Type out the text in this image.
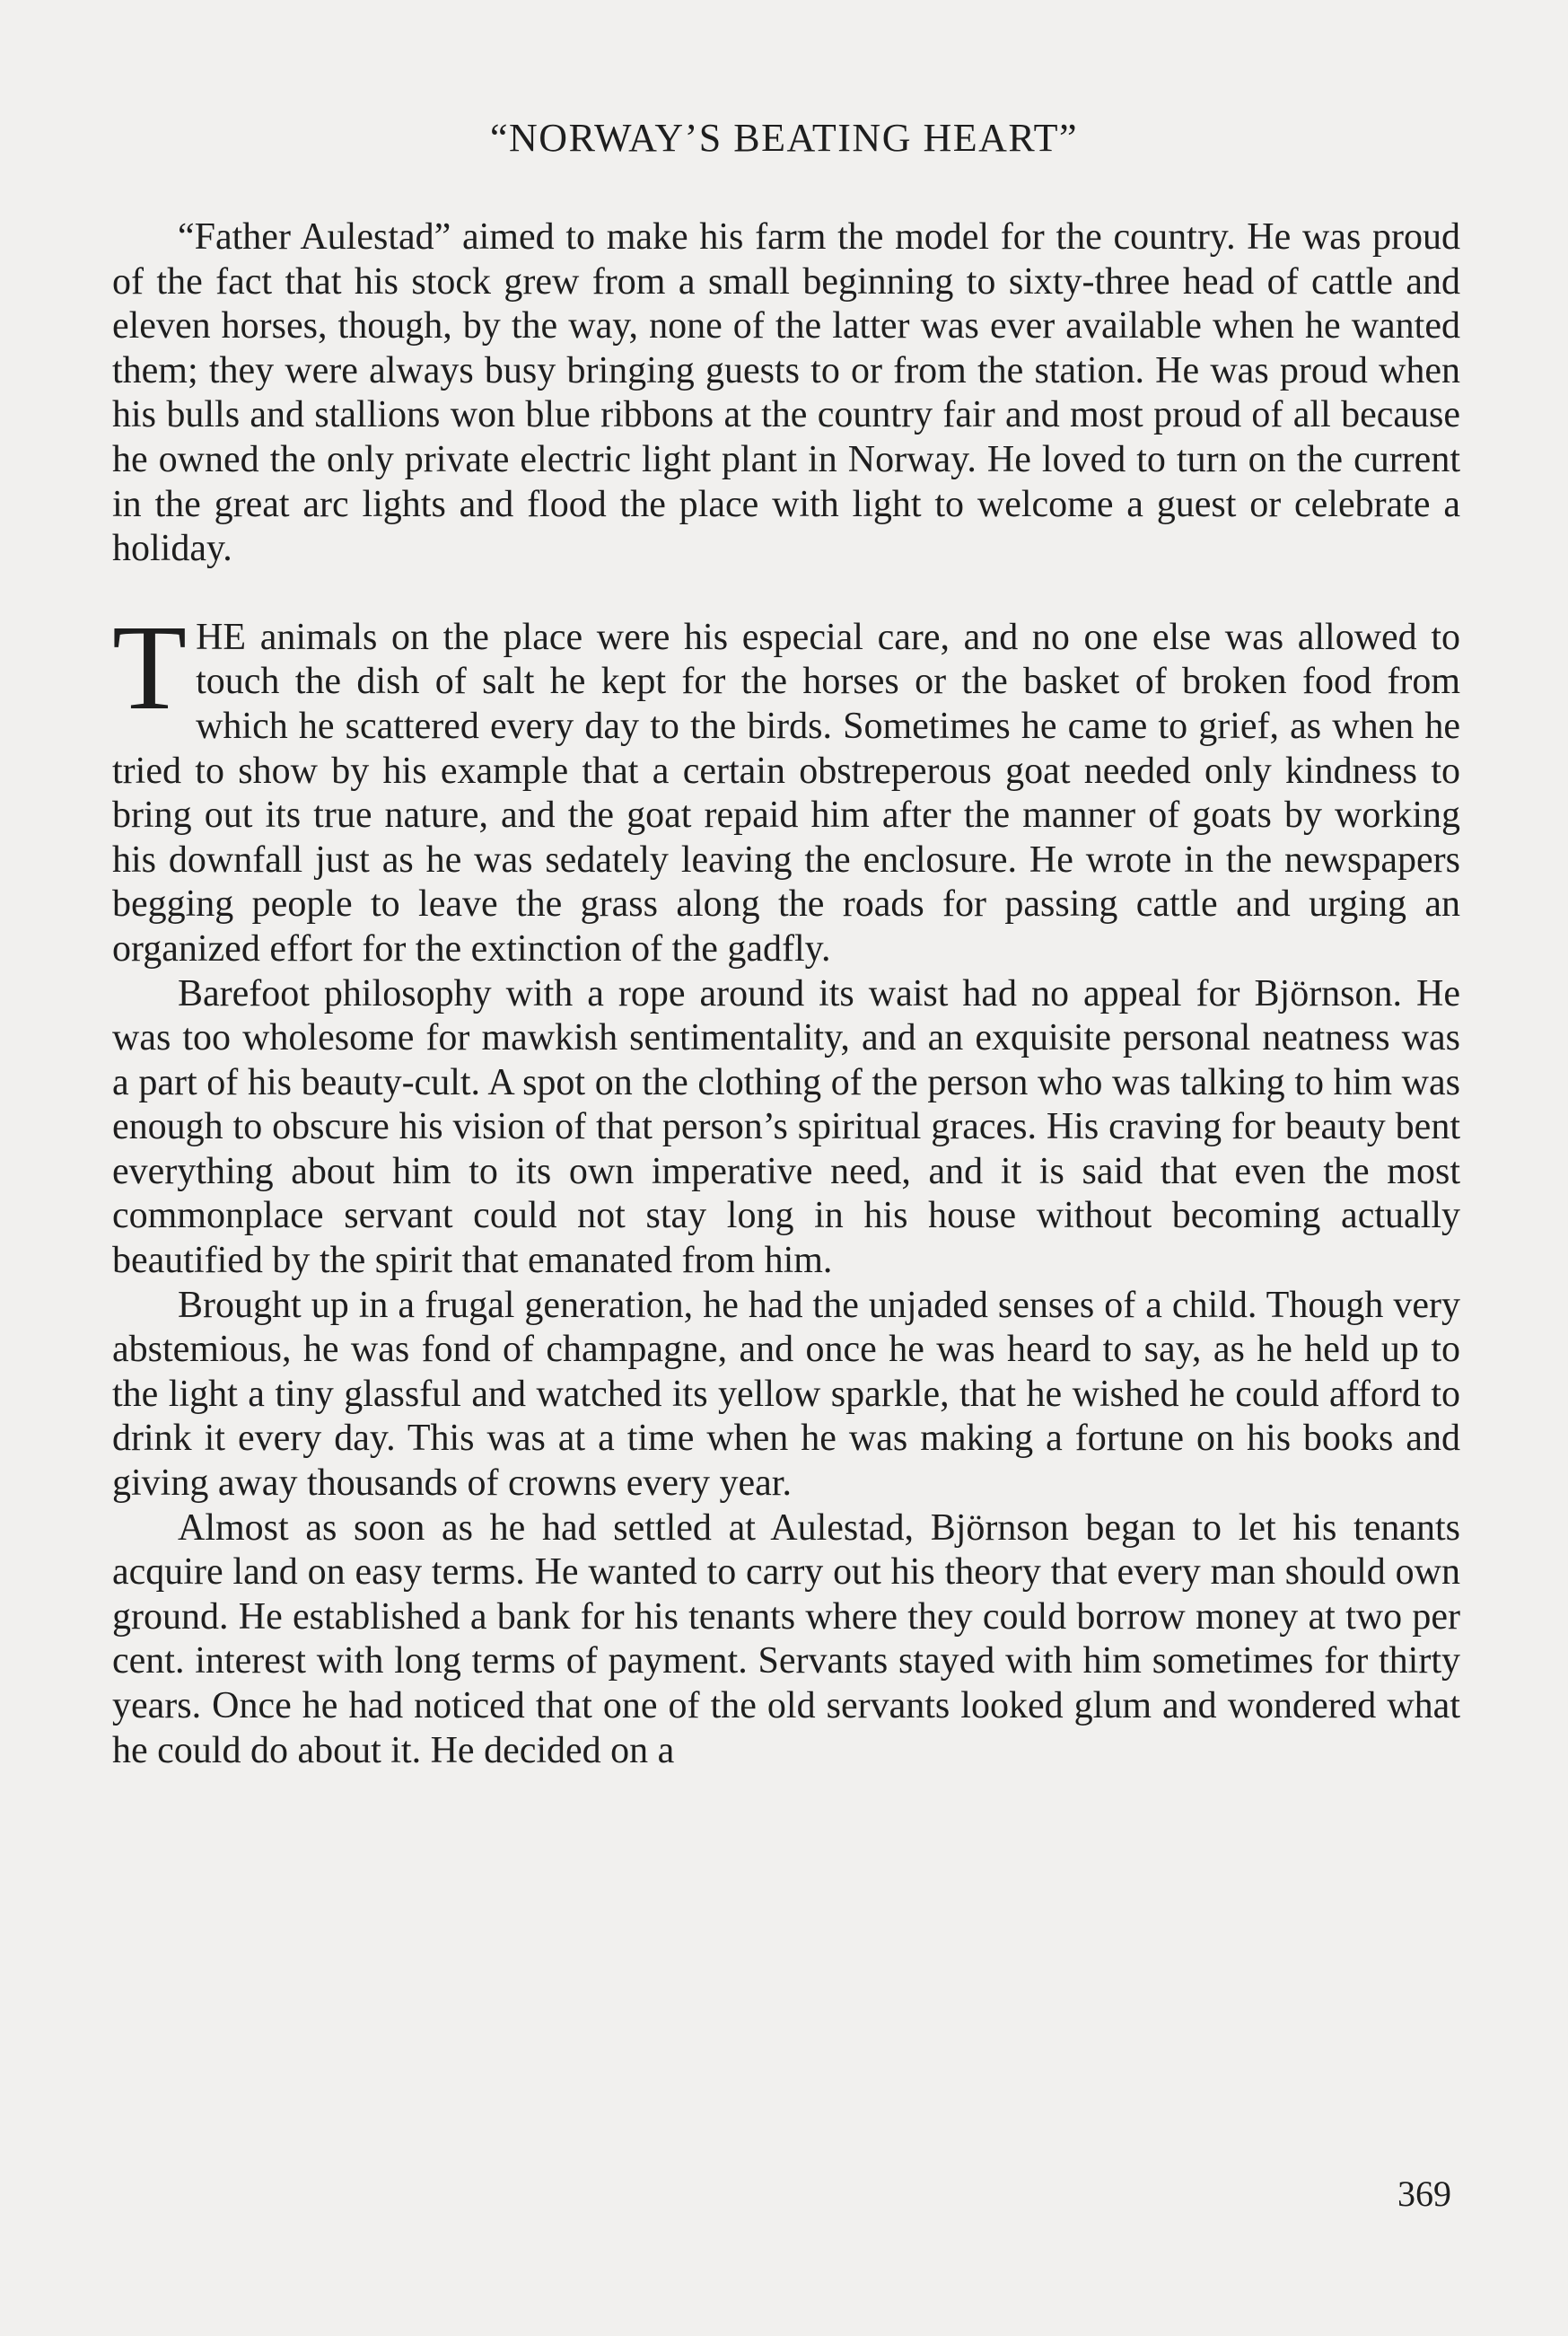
“NORWAY’S BEATING HEART”

“Father Aulestad” aimed to make his farm the model for the country. He was proud of the fact that his stock grew from a small beginning to sixty-three head of cattle and eleven horses, though, by the way, none of the latter was ever available when he wanted them; they were always busy bringing guests to or from the station. He was proud when his bulls and stallions won blue ribbons at the country fair and most proud of all because he owned the only private electric light plant in Norway. He loved to turn on the current in the great arc lights and flood the place with light to welcome a guest or celebrate a holiday.

THE animals on the place were his especial care, and no one else was allowed to touch the dish of salt he kept for the horses or the basket of broken food from which he scattered every day to the birds. Sometimes he came to grief, as when he tried to show by his example that a certain obstreperous goat needed only kindness to bring out its true nature, and the goat repaid him after the manner of goats by working his downfall just as he was sedately leaving the enclosure. He wrote in the newspapers begging people to leave the grass along the roads for passing cattle and urging an organized effort for the extinction of the gadfly.

Barefoot philosophy with a rope around its waist had no appeal for Björnson. He was too wholesome for mawkish sentimentality, and an exquisite personal neatness was a part of his beauty-cult. A spot on the clothing of the person who was talking to him was enough to obscure his vision of that person’s spiritual graces. His craving for beauty bent everything about him to its own imperative need, and it is said that even the most commonplace servant could not stay long in his house without becoming actually beautified by the spirit that emanated from him.

Brought up in a frugal generation, he had the unjaded senses of a child. Though very abstemious, he was fond of champagne, and once he was heard to say, as he held up to the light a tiny glassful and watched its yellow sparkle, that he wished he could afford to drink it every day. This was at a time when he was making a fortune on his books and giving away thousands of crowns every year.

Almost as soon as he had settled at Aulestad, Björnson began to let his tenants acquire land on easy terms. He wanted to carry out his theory that every man should own ground. He established a bank for his tenants where they could borrow money at two per cent. interest with long terms of payment. Servants stayed with him sometimes for thirty years. Once he had noticed that one of the old servants looked glum and wondered what he could do about it. He decided on a

369
